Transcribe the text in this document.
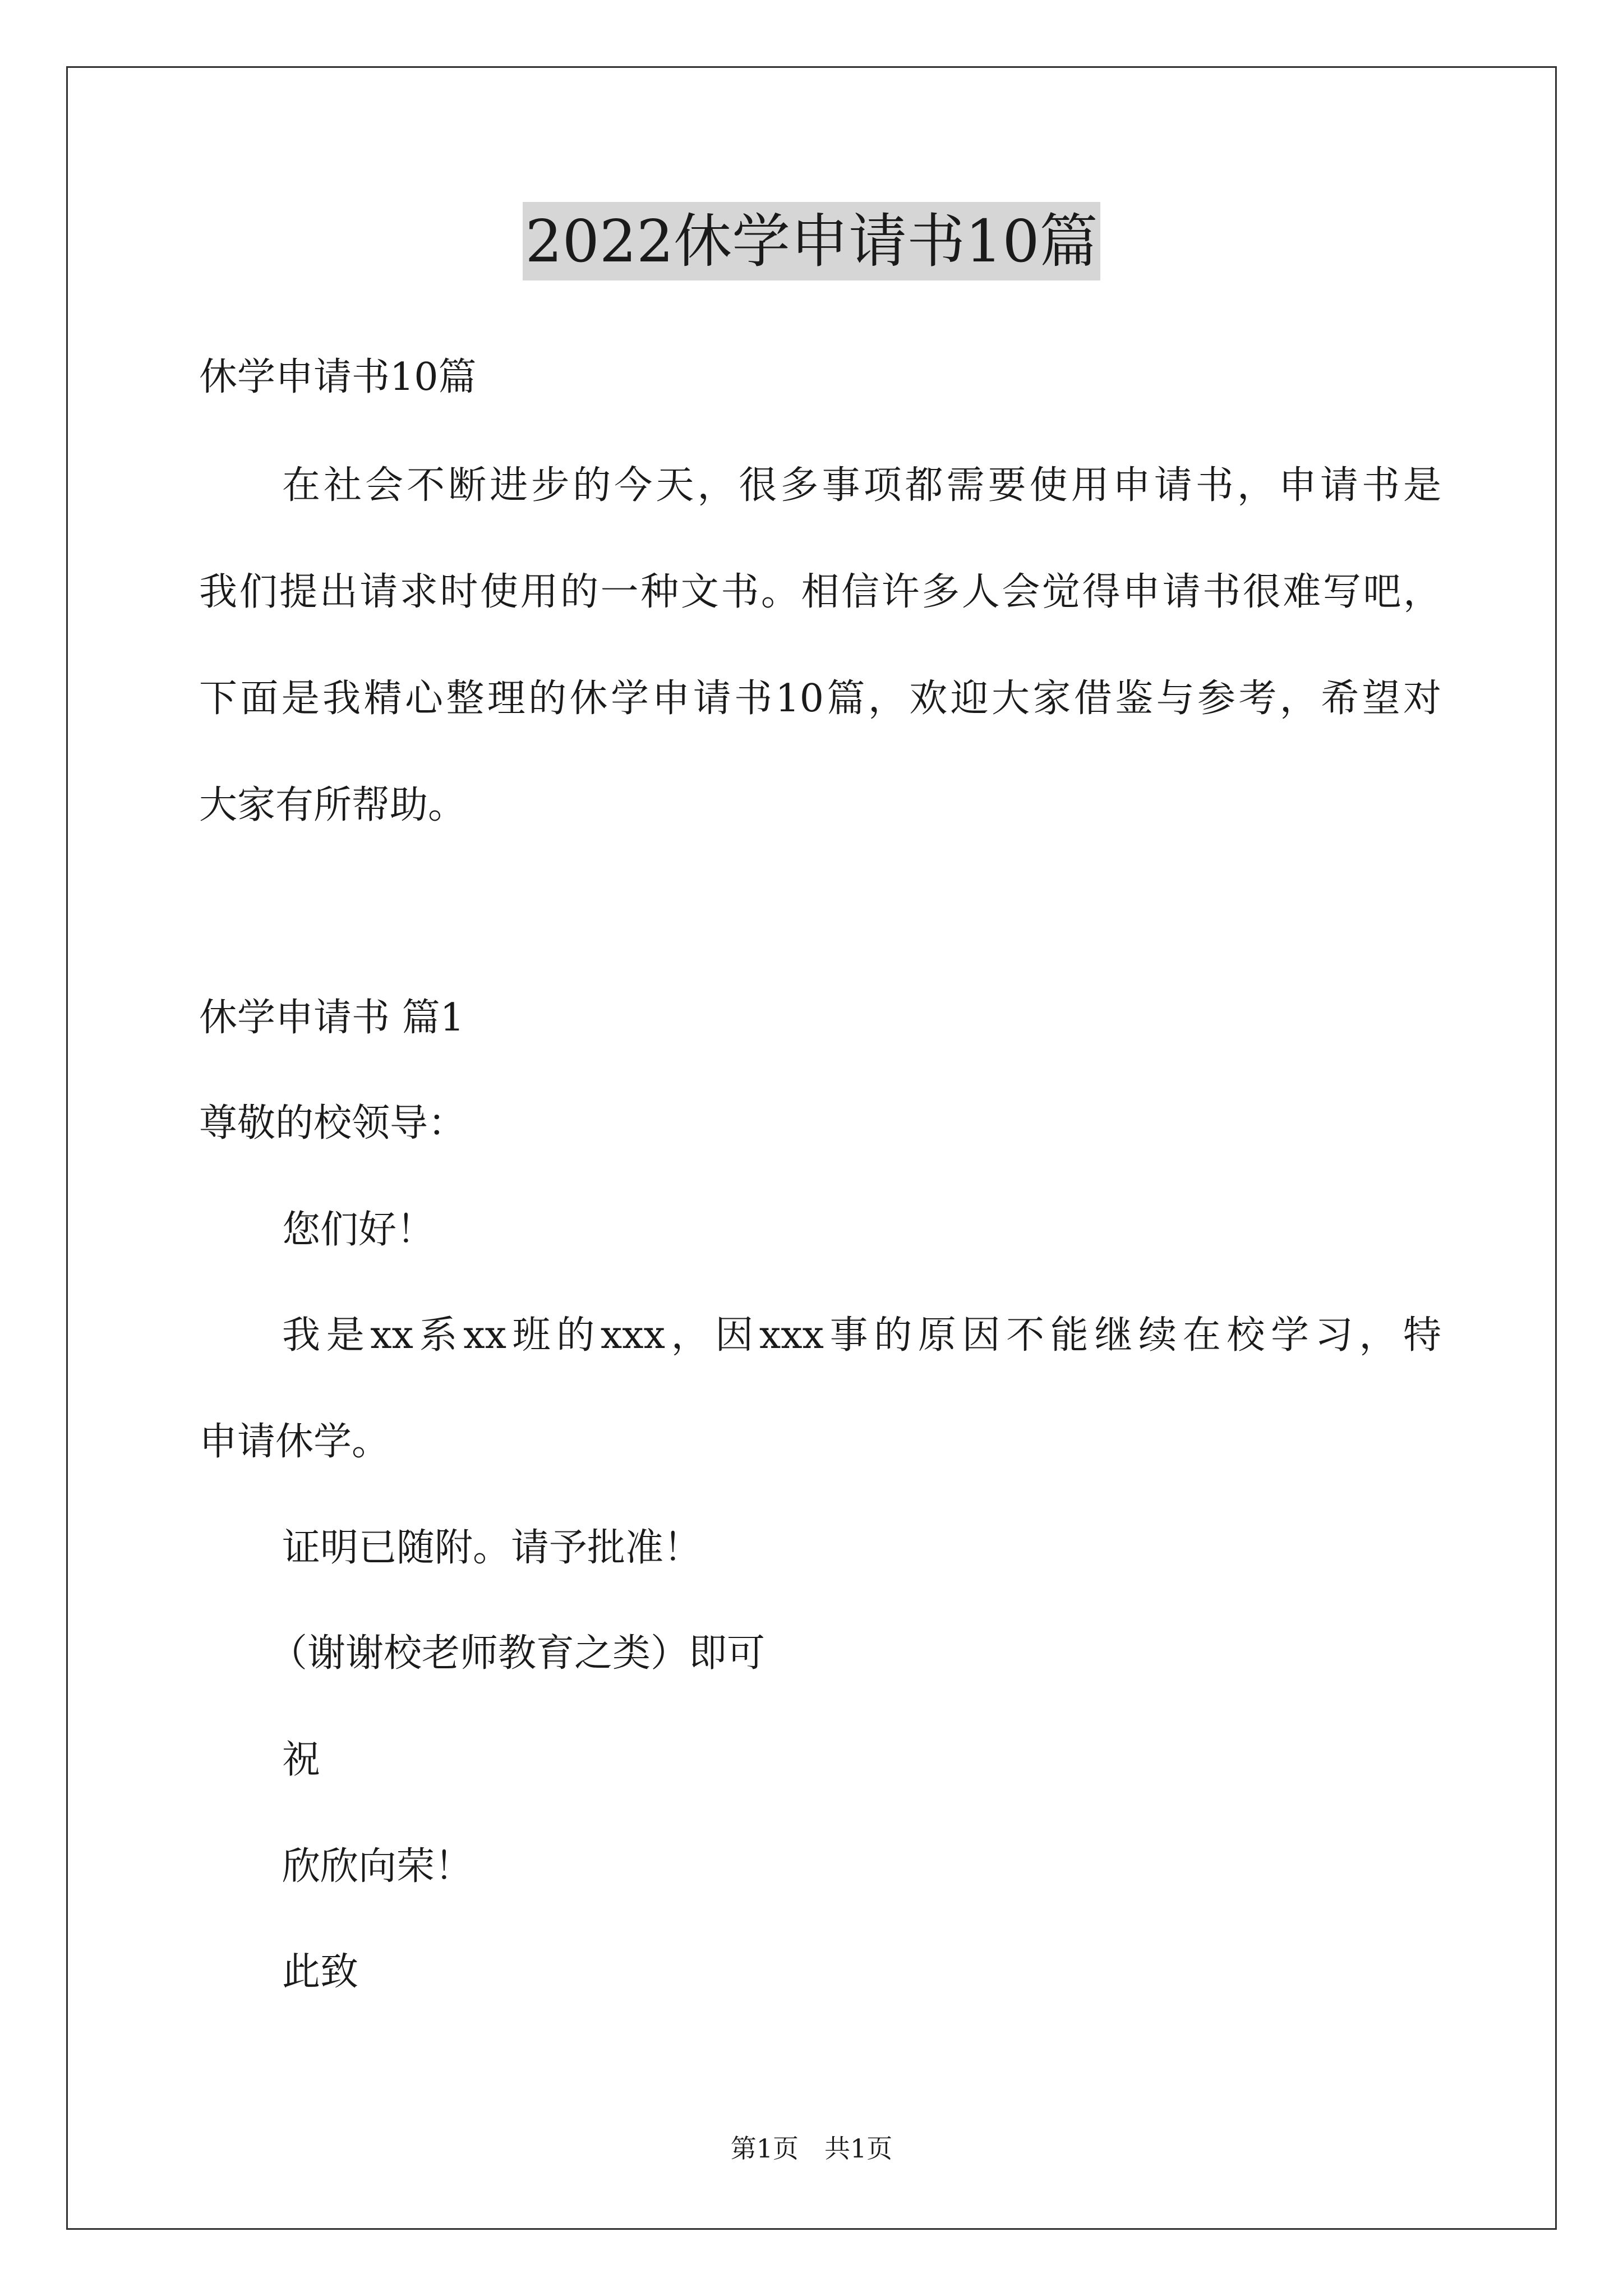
2022休学申请书10篇
休学申请书10篇
在社会不断进步的今天，很多事项都需要使用申请书，申请书是
我们提出请求时使用的一种文书。相信许多人会觉得申请书很难写吧，
下面是我精心整理的休学申请书10篇，欢迎大家借鉴与参考，希望对
大家有所帮助。
休学申请书 篇1
尊敬的校领导：
您们好！
我是xx系xx班的xxx，因xxx事的原因不能继续在校学习，特
申请休学。
证明已随附。请予批准！
（谢谢校老师教育之类）即可
祝
欣欣向荣！
此致
第1页　共1页
